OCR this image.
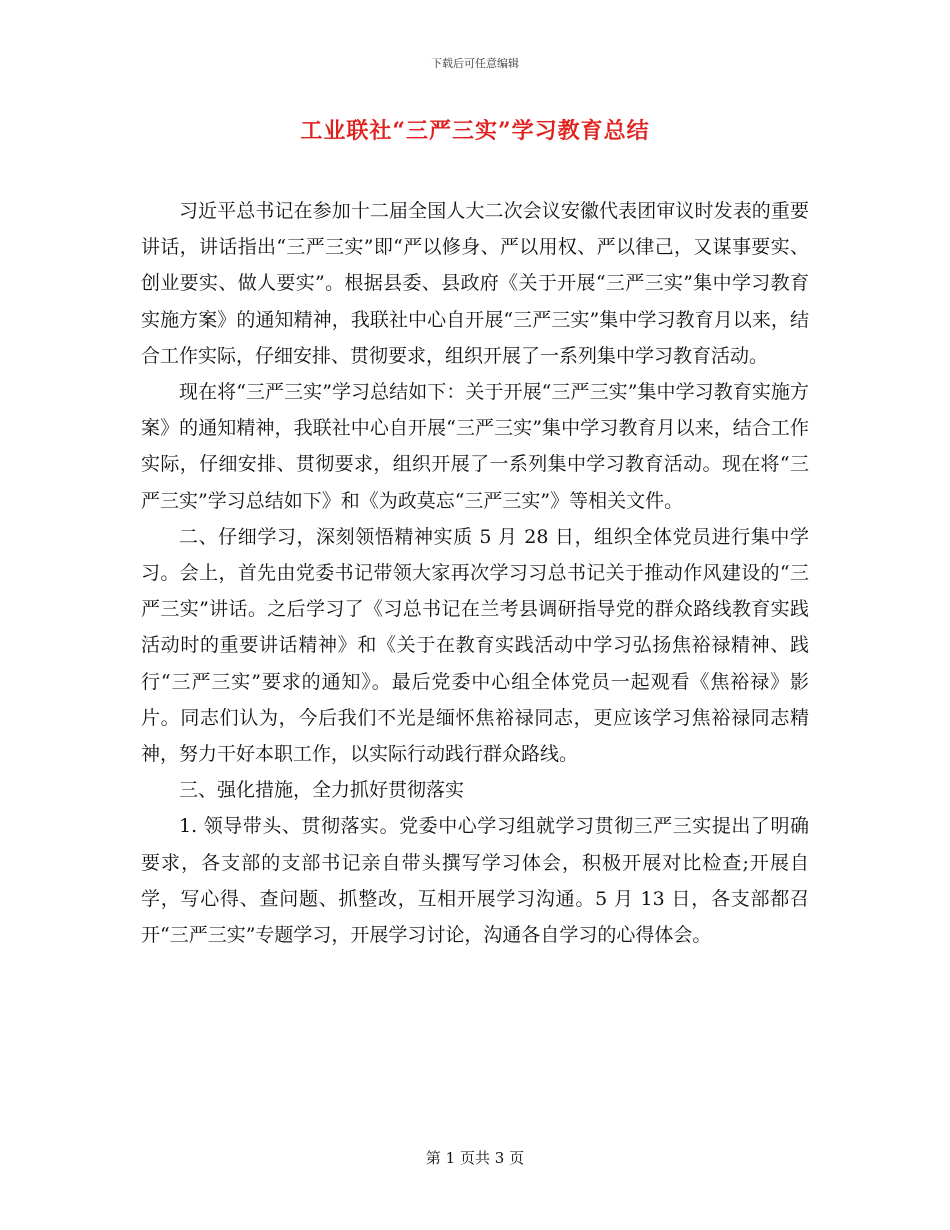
下载后可任意编辑
工业联社“三严三实”学习教育总结

习近平总书记在参加十二届全国人大二次会议安徽代表团审议时发表的重要讲话，讲话指出“三严三实”即“严以修身、严以用权、严以律己，又谋事要实、创业要实、做人要实”。根据县委、县政府《关于开展“三严三实”集中学习教育实施方案》的通知精神，我联社中心自开展“三严三实”集中学习教育月以来，结合工作实际，仔细安排、贯彻要求，组织开展了一系列集中学习教育活动。

现在将“三严三实”学习总结如下：关于开展“三严三实”集中学习教育实施方案》的通知精神，我联社中心自开展“三严三实”集中学习教育月以来，结合工作实际，仔细安排、贯彻要求，组织开展了一系列集中学习教育活动。现在将“三严三实”学习总结如下》和《为政莫忘“三严三实”》等相关文件。

二、仔细学习，深刻领悟精神实质 5 月 28 日，组织全体党员进行集中学习。会上，首先由党委书记带领大家再次学习习总书记关于推动作风建设的“三严三实”讲话。之后学习了《习总书记在兰考县调研指导党的群众路线教育实践活动时的重要讲话精神》和《关于在教育实践活动中学习弘扬焦裕禄精神、践行“三严三实”要求的通知》。最后党委中心组全体党员一起观看《焦裕禄》影片。同志们认为，今后我们不光是缅怀焦裕禄同志，更应该学习焦裕禄同志精神，努力干好本职工作，以实际行动践行群众路线。

三、强化措施，全力抓好贯彻落实

1. 领导带头、贯彻落实。党委中心学习组就学习贯彻三严三实提出了明确要求，各支部的支部书记亲自带头撰写学习体会，积极开展对比检查;开展自学，写心得、查问题、抓整改，互相开展学习沟通。5 月 13 日，各支部都召开“三严三实”专题学习，开展学习讨论，沟通各自学习的心得体会。

第 1 页共 3 页
